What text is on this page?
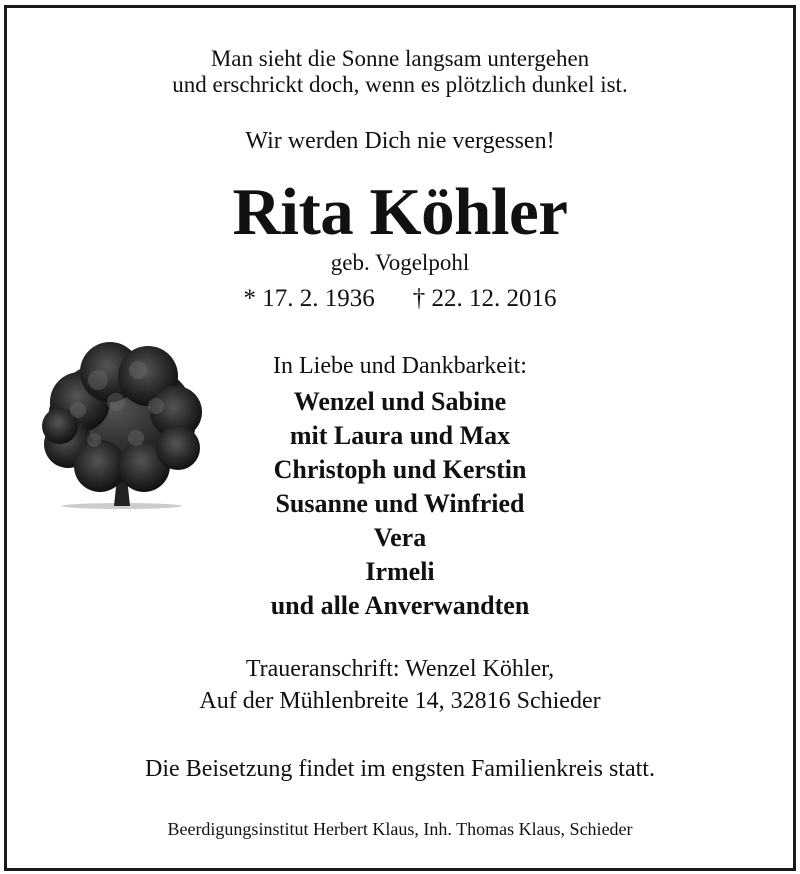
Man sieht die Sonne langsam untergehen
und erschrickt doch, wenn es plötzlich dunkel ist.
Wir werden Dich nie vergessen!
Rita Köhler
geb. Vogelpohl
* 17. 2. 1936 † 22. 12. 2016
In Liebe und Dankbarkeit:
Wenzel und Sabine
mit Laura und Max
Christoph und Kerstin
Susanne und Winfried
Vera
Irmeli
und alle Anverwandten
Traueranschrift: Wenzel Köhler,
Auf der Mühlenbreite 14, 32816 Schieder
Die Beisetzung findet im engsten Familienkreis statt.
Beerdigungsinstitut Herbert Klaus, Inh. Thomas Klaus, Schieder
